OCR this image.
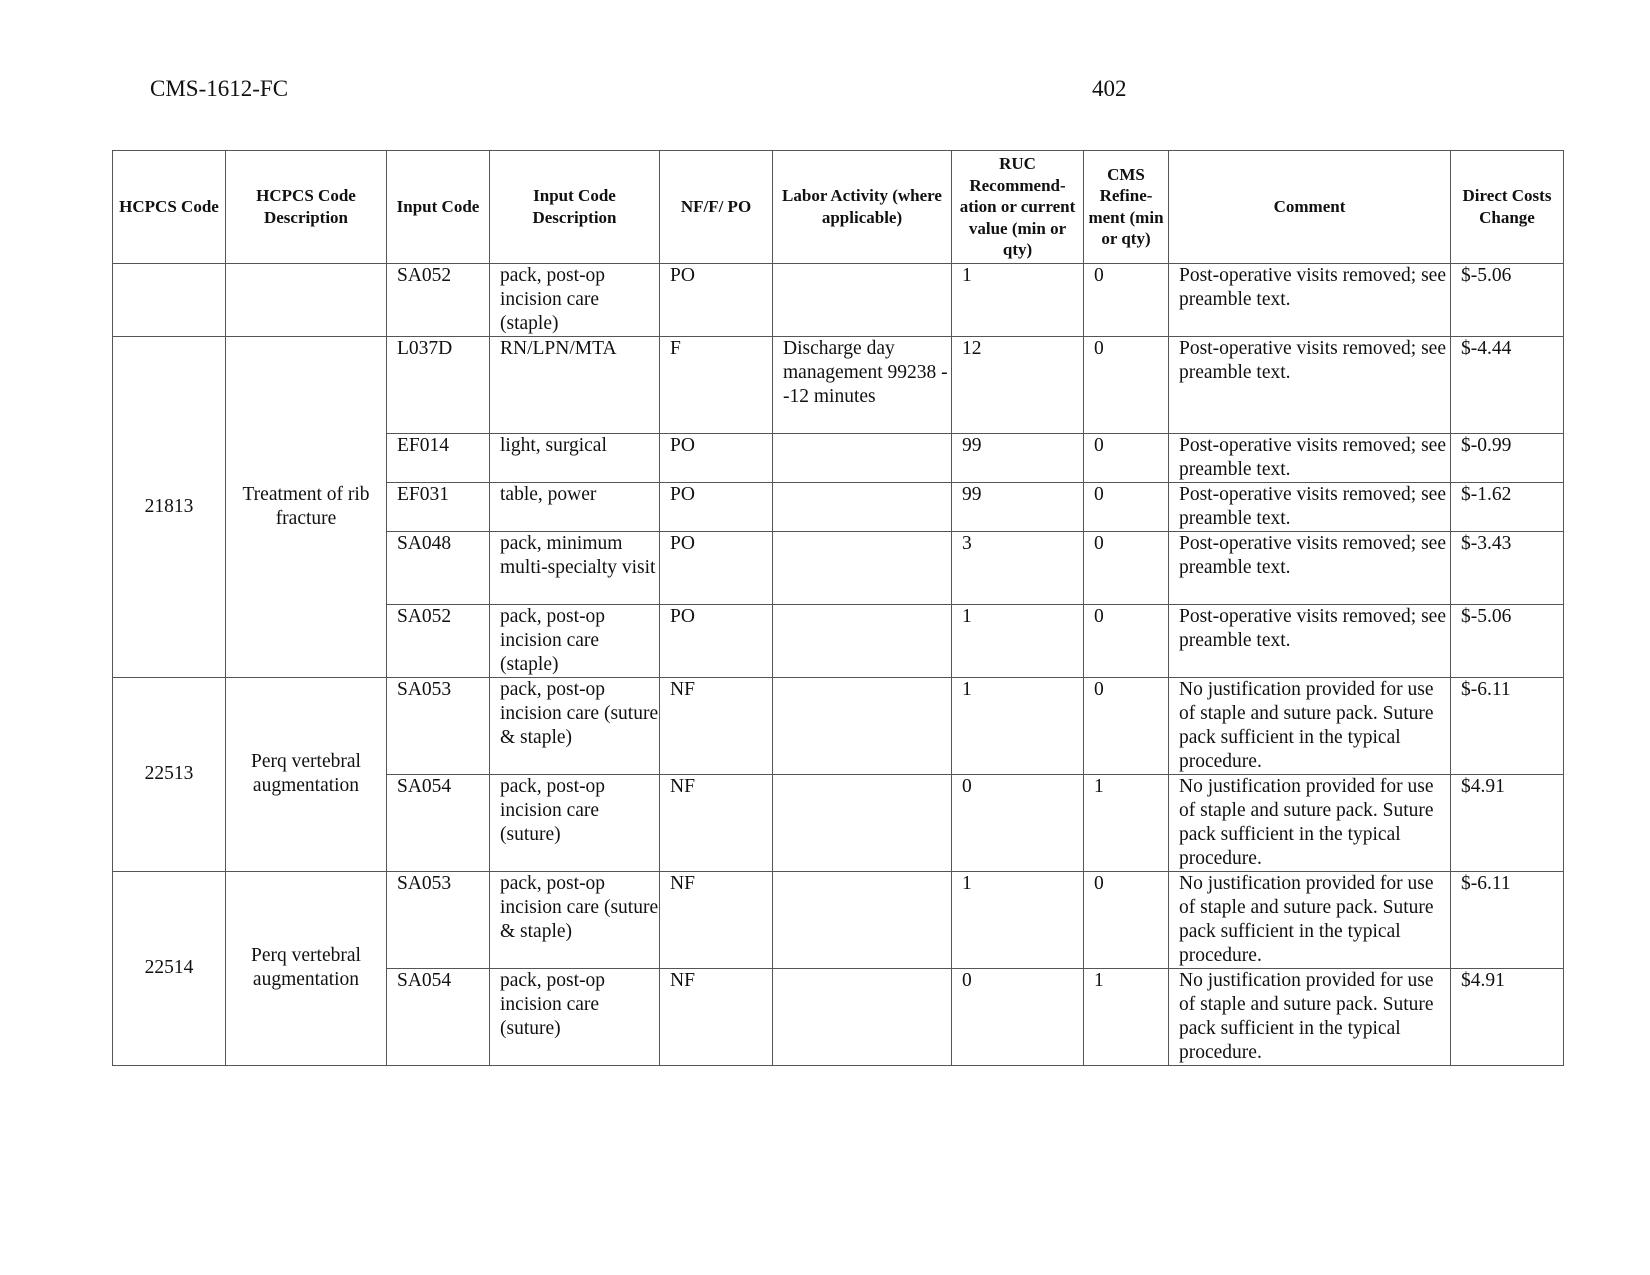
CMS-1612-FC	402
HCPCS Code	HCPCS Code Description	Input Code	Input Code Description	NF/F/ PO	Labor Activity (where applicable)	RUC Recommend-ation or current value (min or qty)	CMS Refine-ment (min or qty)	Comment	Direct Costs Change
		SA052	pack, post-op incision care (staple)	PO		1	0	Post-operative visits removed; see preamble text.	$-5.06
21813	Treatment of rib fracture	L037D	RN/LPN/MTA	F	Discharge day management 99238 --12 minutes	12	0	Post-operative visits removed; see preamble text.	$-4.44
		EF014	light, surgical	PO		99	0	Post-operative visits removed; see preamble text.	$-0.99
		EF031	table, power	PO		99	0	Post-operative visits removed; see preamble text.	$-1.62
		SA048	pack, minimum multi-specialty visit	PO		3	0	Post-operative visits removed; see preamble text.	$-3.43
		SA052	pack, post-op incision care (staple)	PO		1	0	Post-operative visits removed; see preamble text.	$-5.06
22513	Perq vertebral augmentation	SA053	pack, post-op incision care (suture & staple)	NF		1	0	No justification provided for use of staple and suture pack. Suture pack sufficient in the typical procedure.	$-6.11
		SA054	pack, post-op incision care (suture)	NF		0	1	No justification provided for use of staple and suture pack. Suture pack sufficient in the typical procedure.	$4.91
22514	Perq vertebral augmentation	SA053	pack, post-op incision care (suture & staple)	NF		1	0	No justification provided for use of staple and suture pack. Suture pack sufficient in the typical procedure.	$-6.11
		SA054	pack, post-op incision care (suture)	NF		0	1	No justification provided for use of staple and suture pack. Suture pack sufficient in the typical procedure.	$4.91
